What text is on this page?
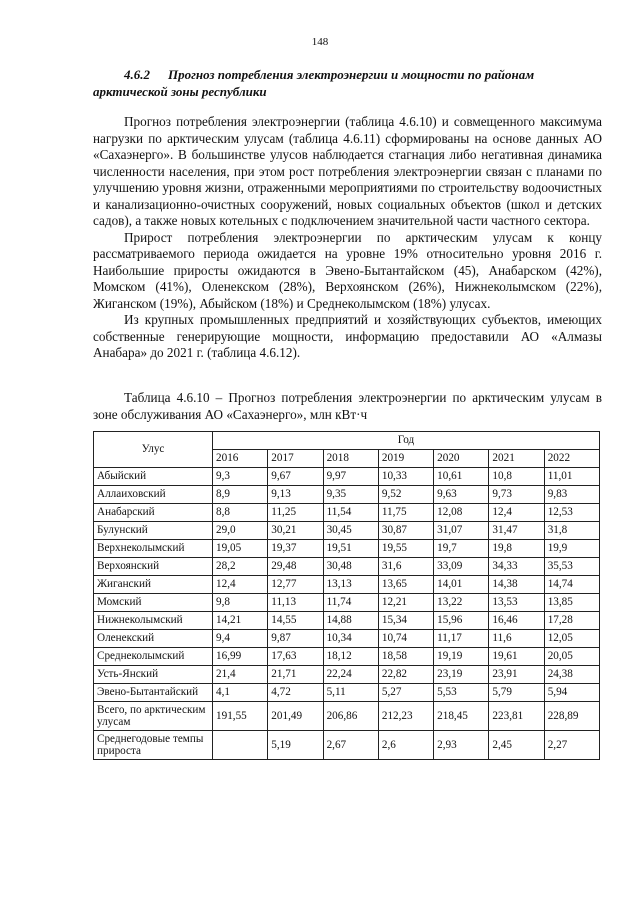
148
4.6.2 Прогноз потребления электроэнергии и мощности по районам
арктической зоны республики

Прогноз потребления электроэнергии (таблица 4.6.10) и совмещенного максимума нагрузки по арктическим улусам (таблица 4.6.11) сформированы на основе данных АО «Сахаэнерго». В большинстве улусов наблюдается стагнация либо негативная динамика численности населения, при этом рост потребления электроэнергии связан с планами по улучшению уровня жизни, отраженными мероприятиями по строительству водоочистных и канализационно-очистных сооружений, новых социальных объектов (школ и детских садов), а также новых котельных с подключением значительной части частного сектора.

Прирост потребления электроэнергии по арктическим улусам к концу рассматриваемого периода ожидается на уровне 19% относительно уровня 2016 г. Наибольшие приросты ожидаются в Эвено-Бытантайском (45), Анабарском (42%), Момском (41%), Оленекском (28%), Верхоянском (26%), Нижнеколымском (22%), Жиганском (19%), Абыйском (18%) и Среднеколымском (18%) улусах.

Из крупных промышленных предприятий и хозяйствующих субъектов, имеющих собственные генерирующие мощности, информацию предоставили АО «Алмазы Анабара» до 2021 г. (таблица 4.6.12).

Таблица 4.6.10 – Прогноз потребления электроэнергии по арктическим улусам в зоне обслуживания АО «Сахаэнерго», млн кВт·ч
Улус	Год						
	2016	2017	2018	2019	2020	2021	2022
Абыйский	9,3	9,67	9,97	10,33	10,61	10,8	11,01
Аллаиховский	8,9	9,13	9,35	9,52	9,63	9,73	9,83
Анабарский	8,8	11,25	11,54	11,75	12,08	12,4	12,53
Булунский	29,0	30,21	30,45	30,87	31,07	31,47	31,8
Верхнеколымский	19,05	19,37	19,51	19,55	19,7	19,8	19,9
Верхоянский	28,2	29,48	30,48	31,6	33,09	34,33	35,53
Жиганский	12,4	12,77	13,13	13,65	14,01	14,38	14,74
Момский	9,8	11,13	11,74	12,21	13,22	13,53	13,85
Нижнеколымский	14,21	14,55	14,88	15,34	15,96	16,46	17,28
Оленекский	9,4	9,87	10,34	10,74	11,17	11,6	12,05
Среднеколымский	16,99	17,63	18,12	18,58	19,19	19,61	20,05
Усть-Янский	21,4	21,71	22,24	22,82	23,19	23,91	24,38
Эвено-Бытантайский	4,1	4,72	5,11	5,27	5,53	5,79	5,94
Всего, по арктическим улусам	191,55	201,49	206,86	212,23	218,45	223,81	228,89
Среднегодовые темпы прироста		5,19	2,67	2,6	2,93	2,45	2,27
